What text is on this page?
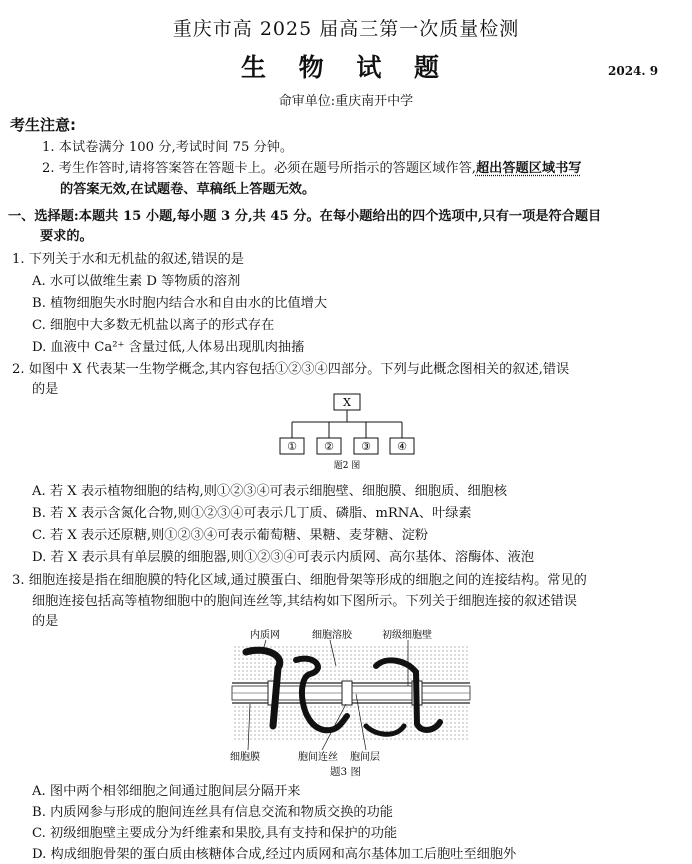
重庆市高 2025 届高三第一次质量检测
生 物 试 题	2024. 9
命审单位:重庆南开中学
考生注意:
1. 本试卷满分 100 分,考试时间 75 分钟。
2. 考生作答时,请将答案答在答题卡上。必须在题号所指示的答题区域作答,超出答题区域书写
的答案无效,在试题卷、草稿纸上答题无效。
一、选择题:本题共 15 小题,每小题 3 分,共 45 分。在每小题给出的四个选项中,只有一项是符合题目
要求的。
1. 下列关于水和无机盐的叙述,错误的是
A. 水可以做维生素 D 等物质的溶剂
B. 植物细胞失水时胞内结合水和自由水的比值增大
C. 细胞中大多数无机盐以离子的形式存在
D. 血液中 Ca²⁺ 含量过低,人体易出现肌肉抽搐
2. 如图中 X 代表某一生物学概念,其内容包括①②③④四部分。下列与此概念图相关的叙述,错误
的是
X
① ② ③ ④
题2 图
A. 若 X 表示植物细胞的结构,则①②③④可表示细胞壁、细胞膜、细胞质、细胞核
B. 若 X 表示含氮化合物,则①②③④可表示几丁质、磷脂、mRNA、叶绿素
C. 若 X 表示还原糖,则①②③④可表示葡萄糖、果糖、麦芽糖、淀粉
D. 若 X 表示具有单层膜的细胞器,则①②③④可表示内质网、高尔基体、溶酶体、液泡
3. 细胞连接是指在细胞膜的特化区域,通过膜蛋白、细胞骨架等形成的细胞之间的连接结构。常见的
细胞连接包括高等植物细胞中的胞间连丝等,其结构如下图所示。下列关于细胞连接的叙述错误
的是
内质网	细胞溶胶	初级细胞壁
细胞膜	胞间连丝 胞间层
题3 图
A. 图中两个相邻细胞之间通过胞间层分隔开来
B. 内质网参与形成的胞间连丝具有信息交流和物质交换的功能
C. 初级细胞壁主要成分为纤维素和果胶,具有支持和保护的功能
D. 构成细胞骨架的蛋白质由核糖体合成,经过内质网和高尔基体加工后胞吐至细胞外
